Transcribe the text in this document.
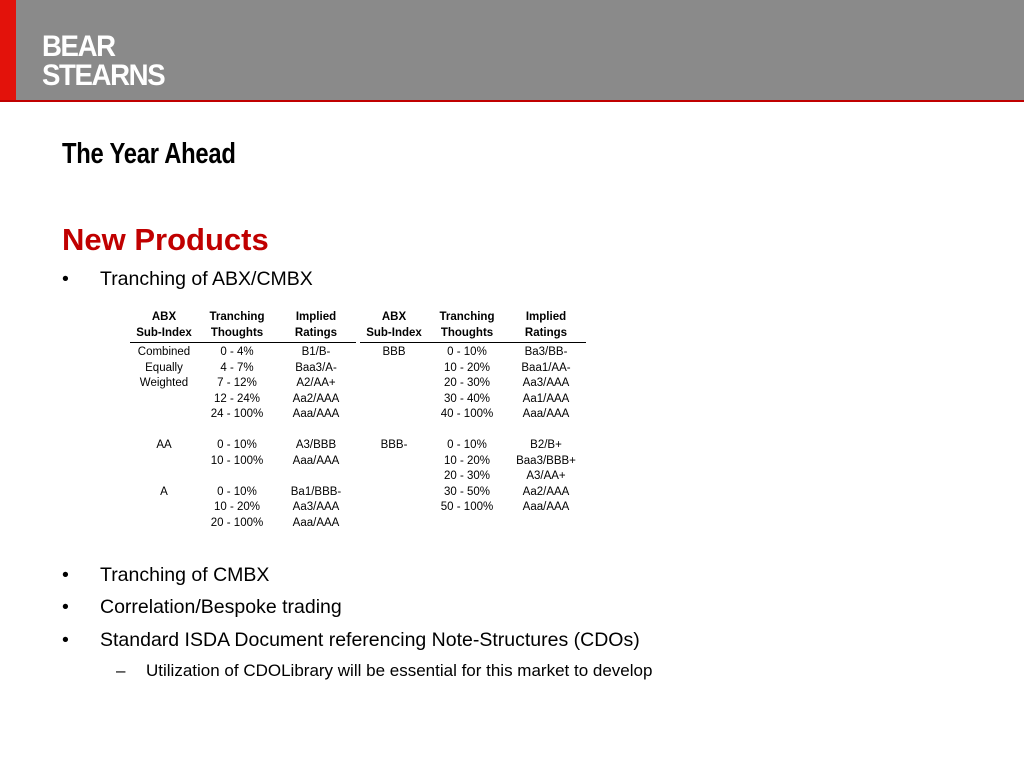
BEAR
STEARNS
The Year Ahead
New Products
• Tranching of ABX/CMBX
ABX	Tranching	Implied
Sub-Index	Thoughts	Ratings
Combined	0 - 4%	B1/B-
Equally	4 - 7%	Baa3/A-
Weighted	7 - 12%	A2/AA+
	12 - 24%	Aa2/AAA
	24 - 100%	Aaa/AAA

AA	0 - 10%	A3/BBB
	10 - 100%	Aaa/AAA

A	0 - 10%	Ba1/BBB-
	10 - 20%	Aa3/AAA
	20 - 100%	Aaa/AAA
ABX	Tranching	Implied
Sub-Index	Thoughts	Ratings
BBB	0 - 10%	Ba3/BB-
	10 - 20%	Baa1/AA-
	20 - 30%	Aa3/AAA
	30 - 40%	Aa1/AAA
	40 - 100%	Aaa/AAA

BBB-	0 - 10%	B2/B+
	10 - 20%	Baa3/BBB+
	20 - 30%	A3/AA+
	30 - 50%	Aa2/AAA
	50 - 100%	Aaa/AAA
• Tranching of CMBX
• Correlation/Bespoke trading
• Standard ISDA Document referencing Note-Structures (CDOs)
– Utilization of CDOLibrary will be essential for this market to develop
